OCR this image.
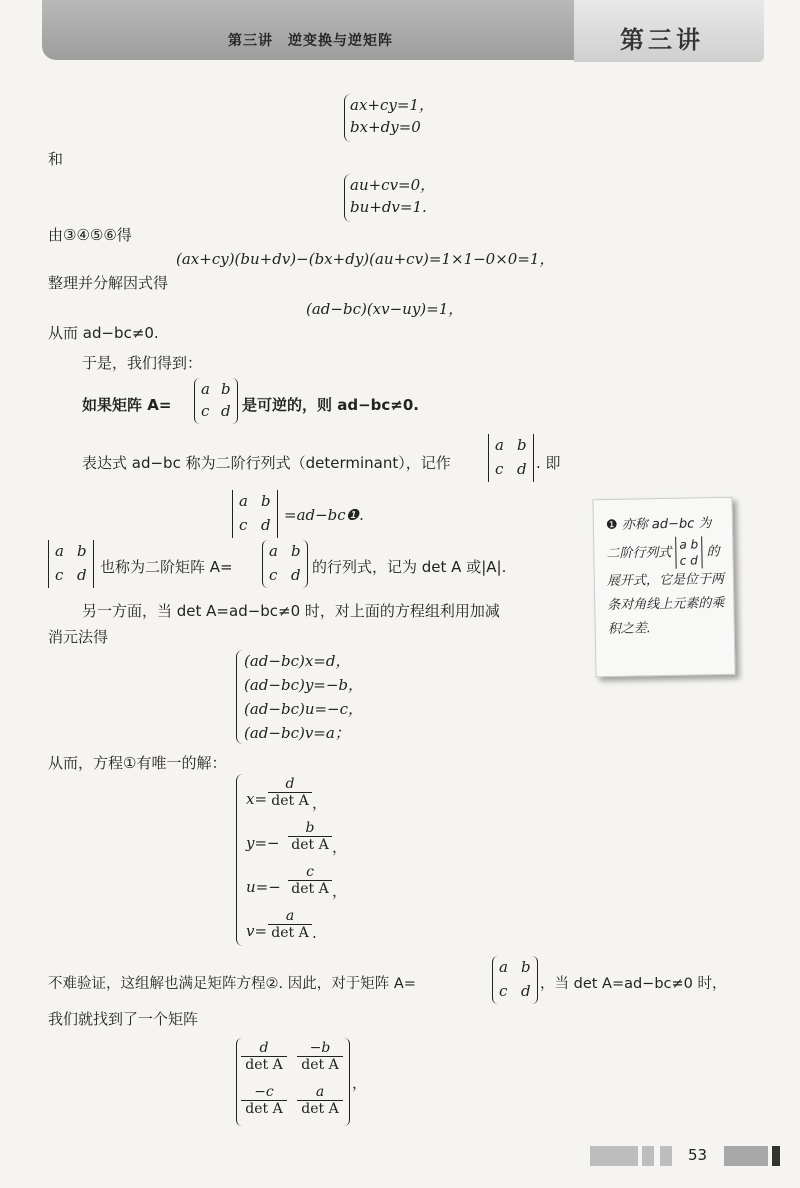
第三讲　逆变换与逆矩阵	第三讲
ax+cy=1，
bx+dy=0
和
au+cv=0，
bu+dv=1.
由③④⑤⑥得
(ax+cy)(bu+dv)−(bx+dy)(au+cv)=1×1−0×0=1，
整理并分解因式得
(ad−bc)(xv−uy)=1，
从而 ad−bc≠0.
于是，我们得到：
如果矩阵 A=
a b
c d 是可逆的，则 ad−bc≠0.
表达式 ad−bc 称为二阶行列式（determinant），记作
a b
c d . 即
a b
c d
=ad−bc❶.
a b
c d 也称为二阶矩阵 A=
a b
c d 的行列式，记为 det A 或|A|.
另一方面，当 det A=ad−bc≠0 时，对上面的方程组利用加减
消元法得
(ad−bc)x=d，
(ad−bc)y=−b，
(ad−bc)u=−c，
(ad−bc)v=a；
从而，方程①有唯一的解：
x=
d
det A ，
y=−
b
det A ，
u=−
c
det A ，
v=
a
det A .
不难验证，这组解也满足矩阵方程②. 因此，对于矩阵 A=
a b
c d ，当 det A=ad−bc≠0 时，
我们就找到了一个矩阵
d
det A
−b
det A
−c
det A
a
det A
，
❶ 亦称 ad−bc 为二阶行列式 a b
c d 的展开式，它是位于两条对角线上元素的乘积之差.
53
